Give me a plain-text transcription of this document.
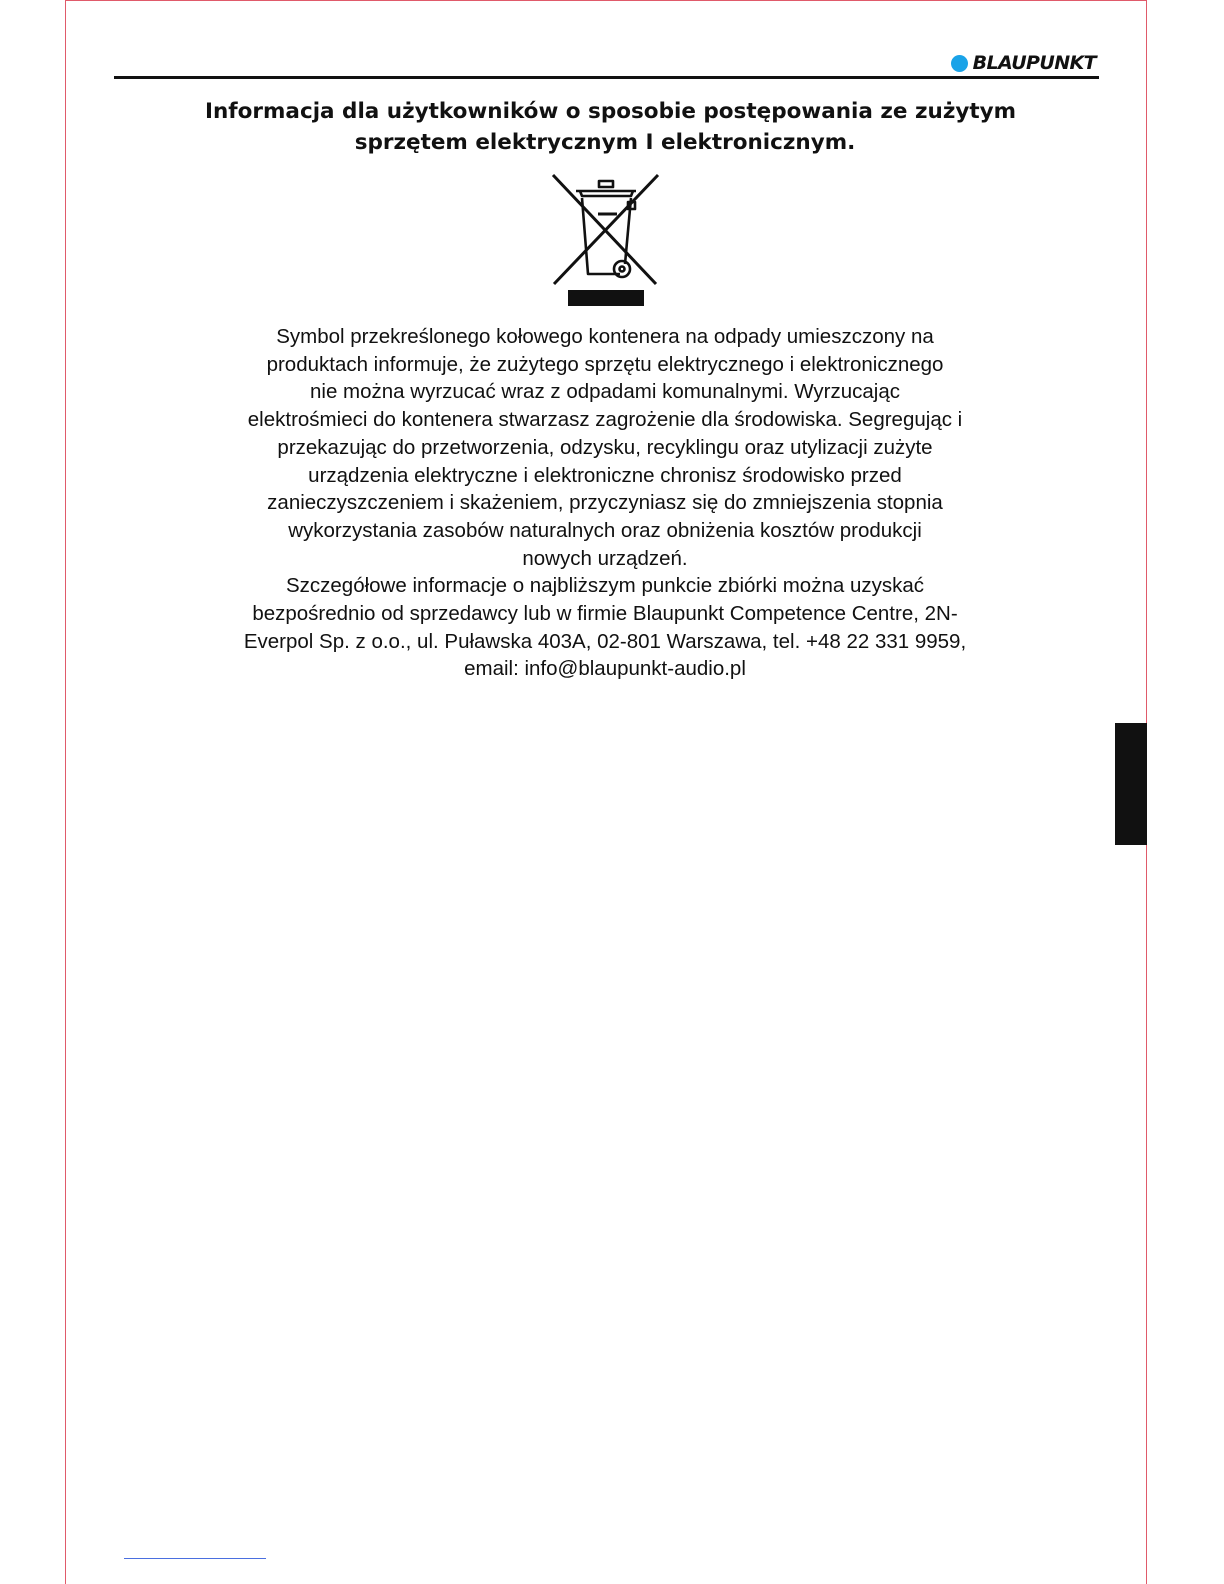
BLAUPUNKT
Informacja dla użytkowników o sposobie postępowania ze zużytym
sprzętem elektrycznym I elektronicznym.
Symbol przekreślonego kołowego kontenera na odpady umieszczony na
produktach informuje, że zużytego sprzętu elektrycznego i elektronicznego
nie można wyrzucać wraz z odpadami komunalnymi. Wyrzucając
elektrośmieci do kontenera stwarzasz zagrożenie dla środowiska. Segregując i
przekazując do przetworzenia, odzysku, recyklingu oraz utylizacji zużyte
urządzenia elektryczne i elektroniczne chronisz środowisko przed
zanieczyszczeniem i skażeniem, przyczyniasz się do zmniejszenia stopnia
wykorzystania zasobów naturalnych oraz obniżenia kosztów produkcji
nowych urządzeń.
Szczegółowe informacje o najbliższym punkcie zbiórki można uzyskać
bezpośrednio od sprzedawcy lub w firmie Blaupunkt Competence Centre, 2N-
Everpol Sp. z o.o., ul. Puławska 403A, 02-801 Warszawa, tel. +48 22 331 9959,
email: info@blaupunkt-audio.pl
